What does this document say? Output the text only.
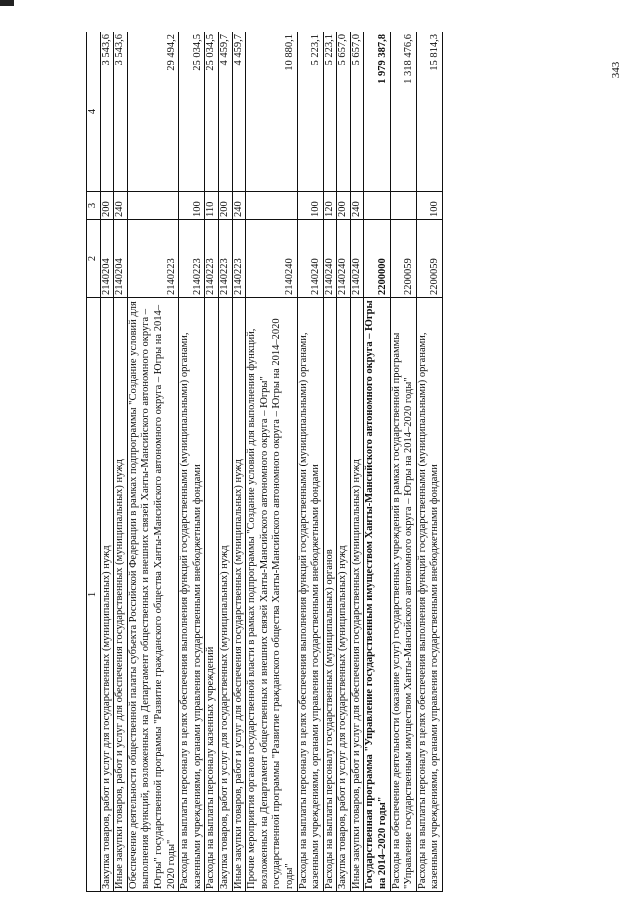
343
1	2	3	4
Закупка товаров, работ и услуг для государственных (муниципальных) нужд	2140204	200	3 543,6
Иные закупки товаров, работ и услуг для обеспечения государственных (муниципальных) нужд	2140204	240	3 543,6
Обеспечение деятельности общественной палаты субъекта Российской Федерации в рамках подпрограммы "Создание условий для выполнения функций, возложенных на Департамент общественных и внешних связей Ханты-Мансийского автономного округа – Югры" государственной программы "Развитие гражданского общества Ханты-Мансийского автономного округа – Югры на 2014–2020 годы"	2140223		29 494,2
Расходы на выплаты персоналу в целях обеспечения выполнения функций государственными (муниципальными) органами, казенными учреждениями, органами управления государственными внебюджетными фондами	2140223	100	25 034,5
Расходы на выплаты персоналу казенных учреждений	2140223	110	25 034,5
Закупка товаров, работ и услуг для государственных (муниципальных) нужд	2140223	200	4 459,7
Иные закупки товаров, работ и услуг для обеспечения государственных (муниципальных) нужд	2140223	240	4 459,7
Прочие мероприятия органов государственной власти в рамках подпрограммы "Создание условий для выполнения функций, возложенных на Департамент общественных и внешних связей Ханты-Мансийского автономного округа – Югры" государственной программы "Развитие гражданского общества Ханты-Мансийского автономного округа – Югры на 2014–2020 годы"	2140240		10 880,1
Расходы на выплаты персоналу в целях обеспечения выполнения функций государственными (муниципальными) органами, казенными учреждениями, органами управления государственными внебюджетными фондами	2140240	100	5 223,1
Расходы на выплаты персоналу государственных (муниципальных) органов	2140240	120	5 223,1
Закупка товаров, работ и услуг для государственных (муниципальных) нужд	2140240	200	5 657,0
Иные закупки товаров, работ и услуг для обеспечения государственных (муниципальных) нужд	2140240	240	5 657,0
Государственная программа "Управление государственным имуществом Ханты-Мансийского автономного округа – Югры на 2014–2020 годы"	2200000		1 979 387,8
Расходы на обеспечение деятельности (оказание услуг) государственных учреждений в рамках государственной программы "Управление государственным имуществом Ханты-Мансийского автономного округа – Югры на 2014–2020 годы"	2200059		1 318 476,6
Расходы на выплаты персоналу в целях обеспечения выполнения функций государственными (муниципальными) органами, казенными учреждениями, органами управления государственными внебюджетными фондами	2200059	100	15 814,3
